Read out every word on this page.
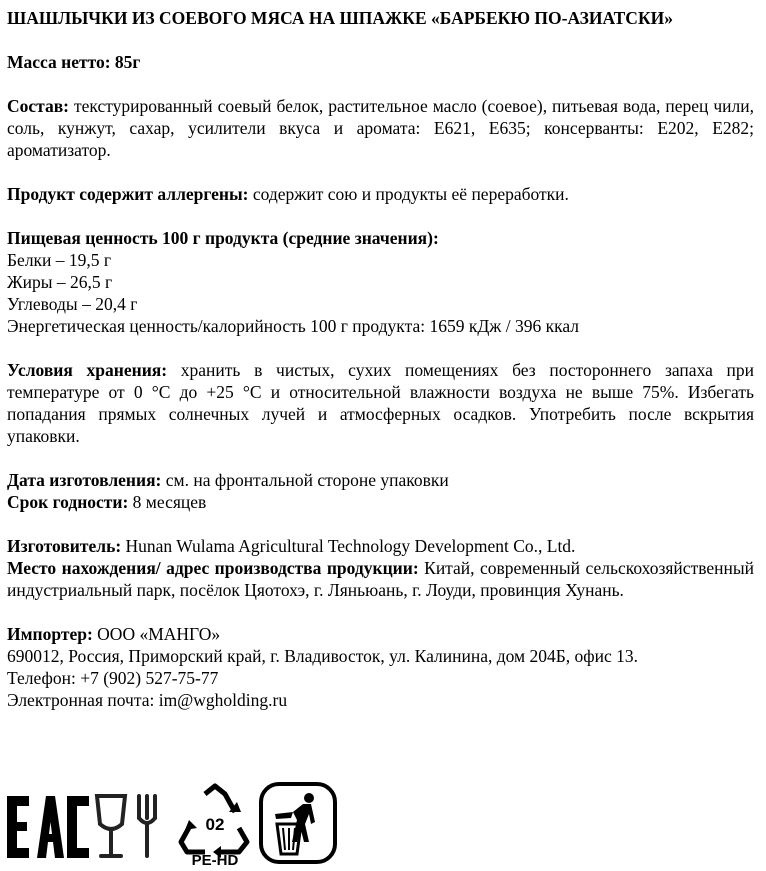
ШАШЛЫЧКИ ИЗ СОЕВОГО МЯСА НА ШПАЖКЕ «БАРБЕКЮ ПО-АЗИАТСКИ»

Масса нетто: 85г

Состав: текстурированный соевый белок, растительное масло (соевое), питьевая вода, перец чили, соль, кунжут, сахар, усилители вкуса и аромата: Е621, Е635; консерванты: Е202, Е282; ароматизатор.

Продукт содержит аллергены: содержит сою и продукты её переработки.

Пищевая ценность 100 г продукта (средние значения):

Белки – 19,5 г

Жиры – 26,5 г

Углеводы – 20,4 г

Энергетическая ценность/калорийность 100 г продукта: 1659 кДж / 396 ккал

Условия хранения: хранить в чистых, сухих помещениях без постороннего запаха при температуре от 0 °С до +25 °С и относительной влажности воздуха не выше 75%. Избегать попадания прямых солнечных лучей и атмосферных осадков. Употребить после вскрытия упаковки.

Дата изготовления: см. на фронтальной стороне упаковки

Срок годности: 8 месяцев

Изготовитель: Hunan Wulama Agricultural Technology Development Co., Ltd.

Место нахождения/ адрес производства продукции: Китай, современный сельскохозяйственный индустриальный парк, посёлок Цяотохэ, г. Ляньюань, г. Лоуди, провинция Хунань.

Импортер: ООО «МАНГО»

690012, Россия, Приморский край, г. Владивосток, ул. Калинина, дом 204Б, офис 13.

Телефон: +7 (902) 527-75-77

Электронная почта: im@wgholding.ru

02
PE-HD
